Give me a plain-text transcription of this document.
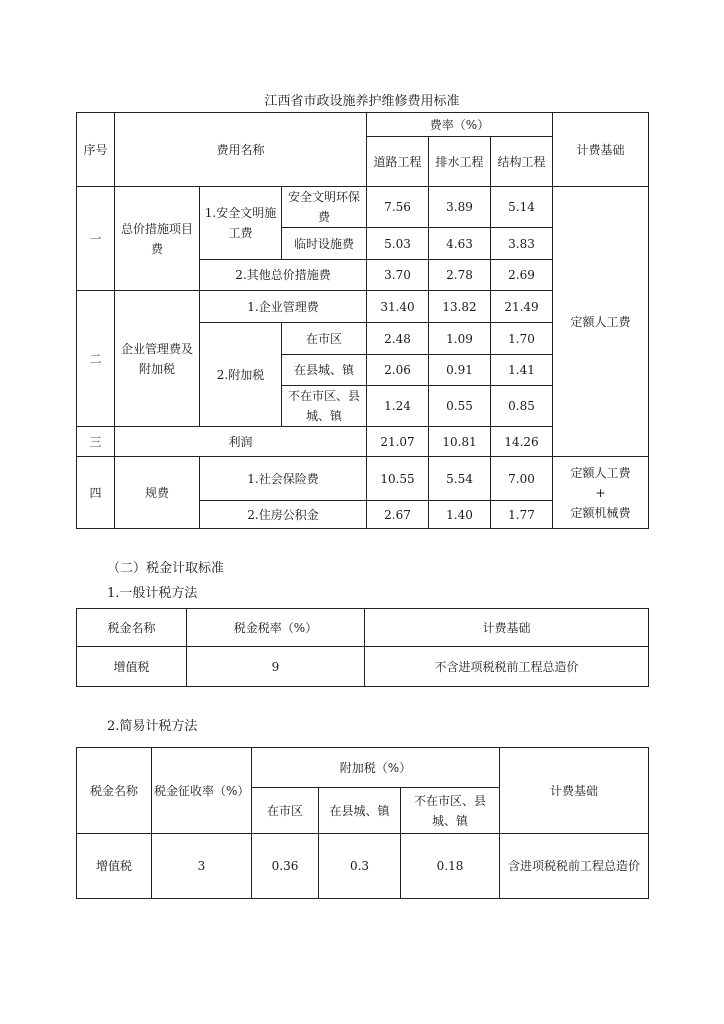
江西省市政设施养护维修费用标准
序号	费用名称			费率（%）			计费基础
				道路工程	排水工程	结构工程	
一	总价措施项目费	1.安全文明施工费	安全文明环保费	7.56	3.89	5.14	定额人工费
			临时设施费	5.03	4.63	3.83	
		2.其他总价措施费		3.70	2.78	2.69	
二	企业管理费及附加税	1.企业管理费		31.40	13.82	21.49	
		2.附加税	在市区	2.48	1.09	1.70	
			在县城、镇	2.06	0.91	1.41	
			不在市区、县城、镇	1.24	0.55	0.85	
三	利润			21.07	10.81	14.26	
四	规费	1.社会保险费		10.55	5.54	7.00	定额人工费
+
定额机械费

		2.住房公积金		2.67	1.40	1.77	
（二）税金计取标准
1.一般计税方法
税金名称	税金税率（%）	计费基础
增值税	9	不含进项税税前工程总造价
2.简易计税方法
税金名称	税金征收率（%）	附加税（%）			计费基础
		在市区	在县城、镇	不在市区、县城、镇	
增值税	3	0.36	0.3	0.18	含进项税税前工程总造价
